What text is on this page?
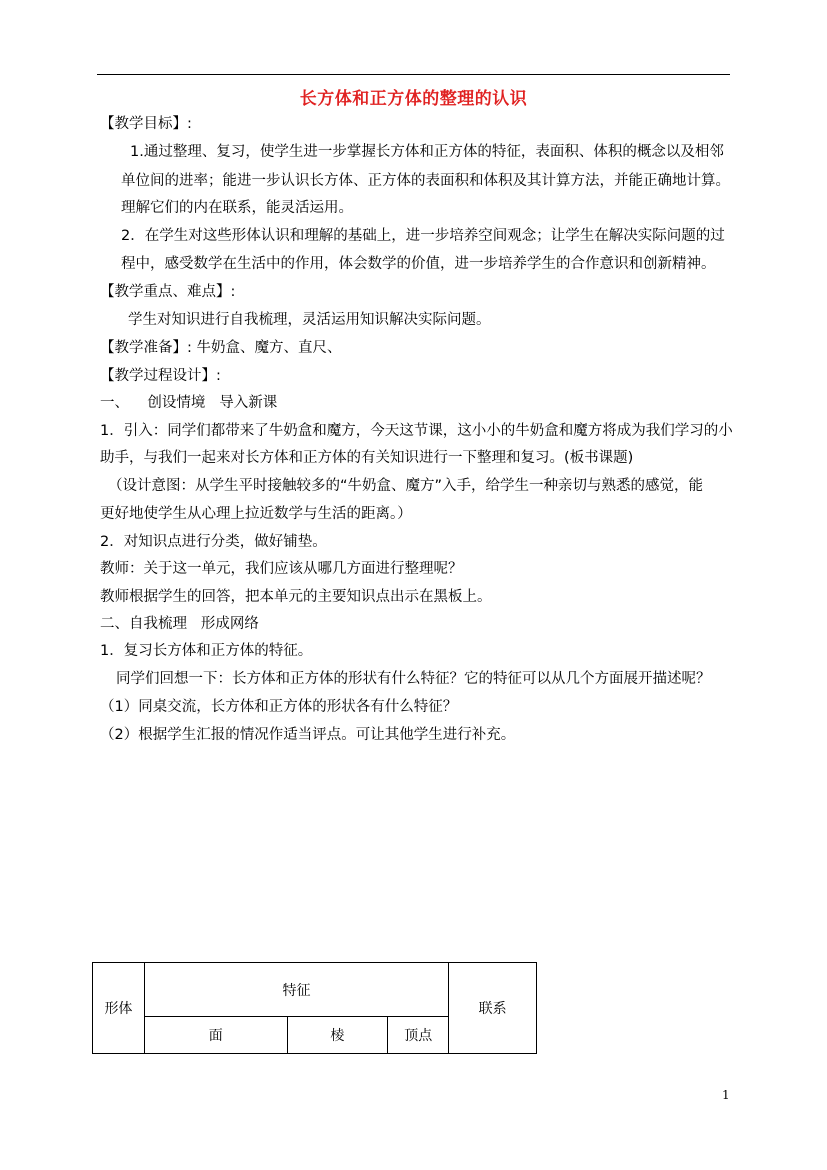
长方体和正方体的整理的认识
【教学目标】:
1.通过整理、复习，使学生进一步掌握长方体和正方体的特征，表面积、体积的概念以及相邻
单位间的进率；能进一步认识长方体、正方体的表面积和体积及其计算方法，并能正确地计算。
理解它们的内在联系，能灵活运用。
2．在学生对这些形体认识和理解的基础上，进一步培养空间观念；让学生在解决实际问题的过
程中，感受数学在生活中的作用，体会数学的价值，进一步培养学生的合作意识和创新精神。
【教学重点、难点】:
学生对知识进行自我梳理，灵活运用知识解决实际问题。
【教学准备】: 牛奶盒、魔方、直尺、
【教学过程设计】:
一、    创设情境   导入新课
1．引入：同学们都带来了牛奶盒和魔方，今天这节课，这小小的牛奶盒和魔方将成为我们学习的小
助手，与我们一起来对长方体和正方体的有关知识进行一下整理和复习。(板书课题)
（设计意图：从学生平时接触较多的“牛奶盒、魔方”入手，给学生一种亲切与熟悉的感觉，能
更好地使学生从心理上拉近数学与生活的距离。）
2．对知识点进行分类，做好铺垫。
教师：关于这一单元，我们应该从哪几方面进行整理呢？
教师根据学生的回答，把本单元的主要知识点出示在黑板上。
二、自我梳理   形成网络
1．复习长方体和正方体的特征。
同学们回想一下：长方体和正方体的形状有什么特征？它的特征可以从几个方面展开描述呢？
（1）同桌交流，长方体和正方体的形状各有什么特征？
（2）根据学生汇报的情况作适当评点。可让其他学生进行补充。
形体	特征			联系
	面	棱	顶点	
1
